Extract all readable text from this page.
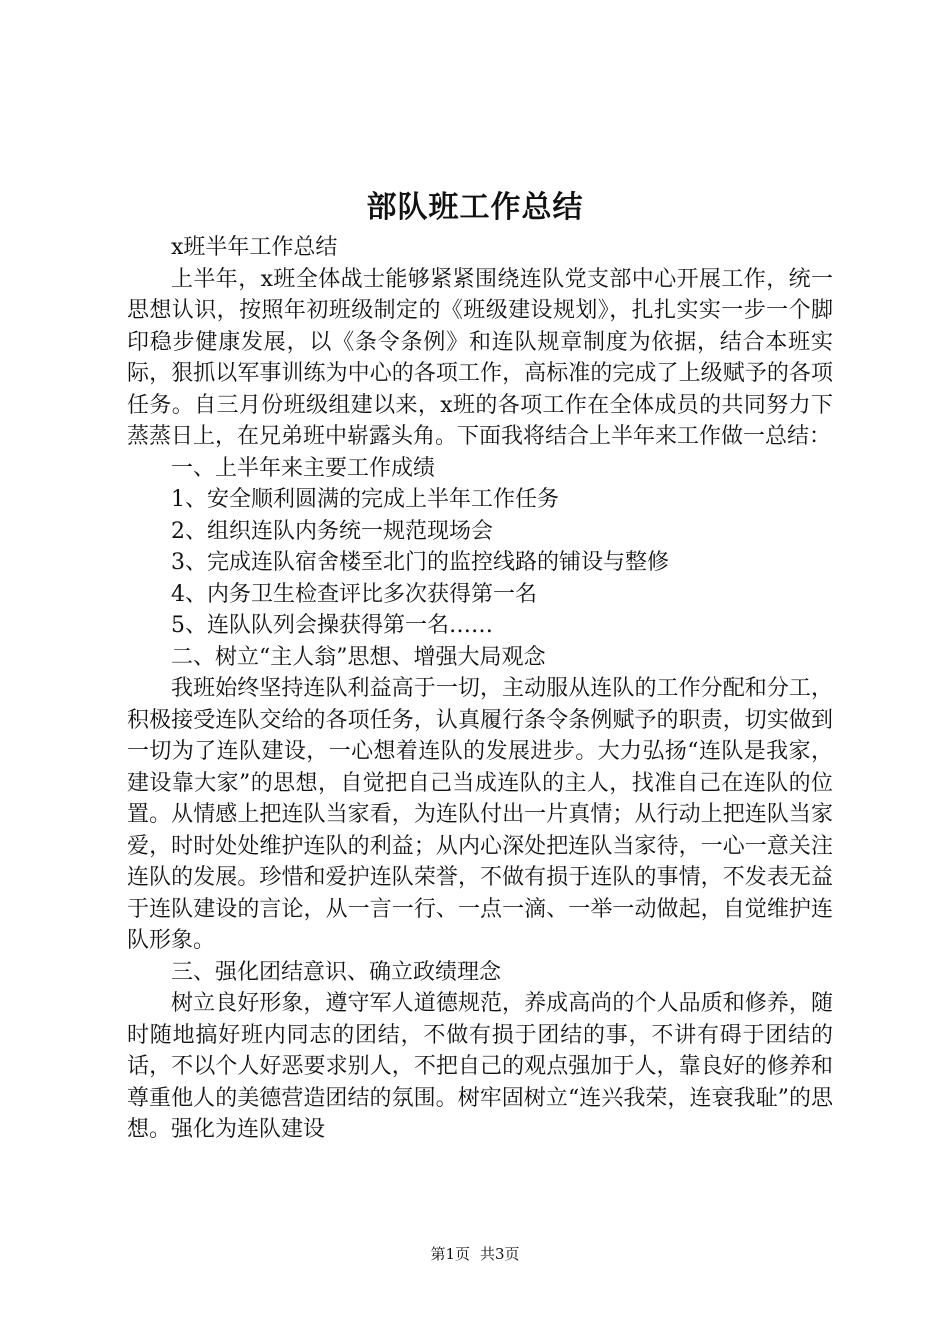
部队班工作总结

x班半年工作总结

上半年，x班全体战士能够紧紧围绕连队党支部中心开展工作，统一思想认识，按照年初班级制定的《班级建设规划》，扎扎实实一步一个脚印稳步健康发展，以《条令条例》和连队规章制度为依据，结合本班实际，狠抓以军事训练为中心的各项工作，高标准的完成了上级赋予的各项任务。自三月份班级组建以来，x班的各项工作在全体成员的共同努力下蒸蒸日上，在兄弟班中崭露头角。下面我将结合上半年来工作做一总结：

一、上半年来主要工作成绩

1、安全顺利圆满的完成上半年工作任务

2、组织连队内务统一规范现场会

3、完成连队宿舍楼至北门的监控线路的铺设与整修

4、内务卫生检查评比多次获得第一名

5、连队队列会操获得第一名……

二、树立“主人翁”思想、增强大局观念

我班始终坚持连队利益高于一切，主动服从连队的工作分配和分工，积极接受连队交给的各项任务，认真履行条令条例赋予的职责，切实做到一切为了连队建设，一心想着连队的发展进步。大力弘扬“连队是我家，建设靠大家”的思想，自觉把自己当成连队的主人，找准自己在连队的位置。从情感上把连队当家看，为连队付出一片真情；从行动上把连队当家爱，时时处处维护连队的利益；从内心深处把连队当家待，一心一意关注连队的发展。珍惜和爱护连队荣誉，不做有损于连队的事情，不发表无益于连队建设的言论，从一言一行、一点一滴、一举一动做起，自觉维护连队形象。

三、强化团结意识、确立政绩理念

树立良好形象，遵守军人道德规范，养成高尚的个人品质和修养，随时随地搞好班内同志的团结，不做有损于团结的事，不讲有碍于团结的话，不以个人好恶要求别人，不把自己的观点强加于人，靠良好的修养和尊重他人的美德营造团结的氛围。树牢固树立“连兴我荣，连衰我耻”的思想。强化为连队建设

第1页 共3页
